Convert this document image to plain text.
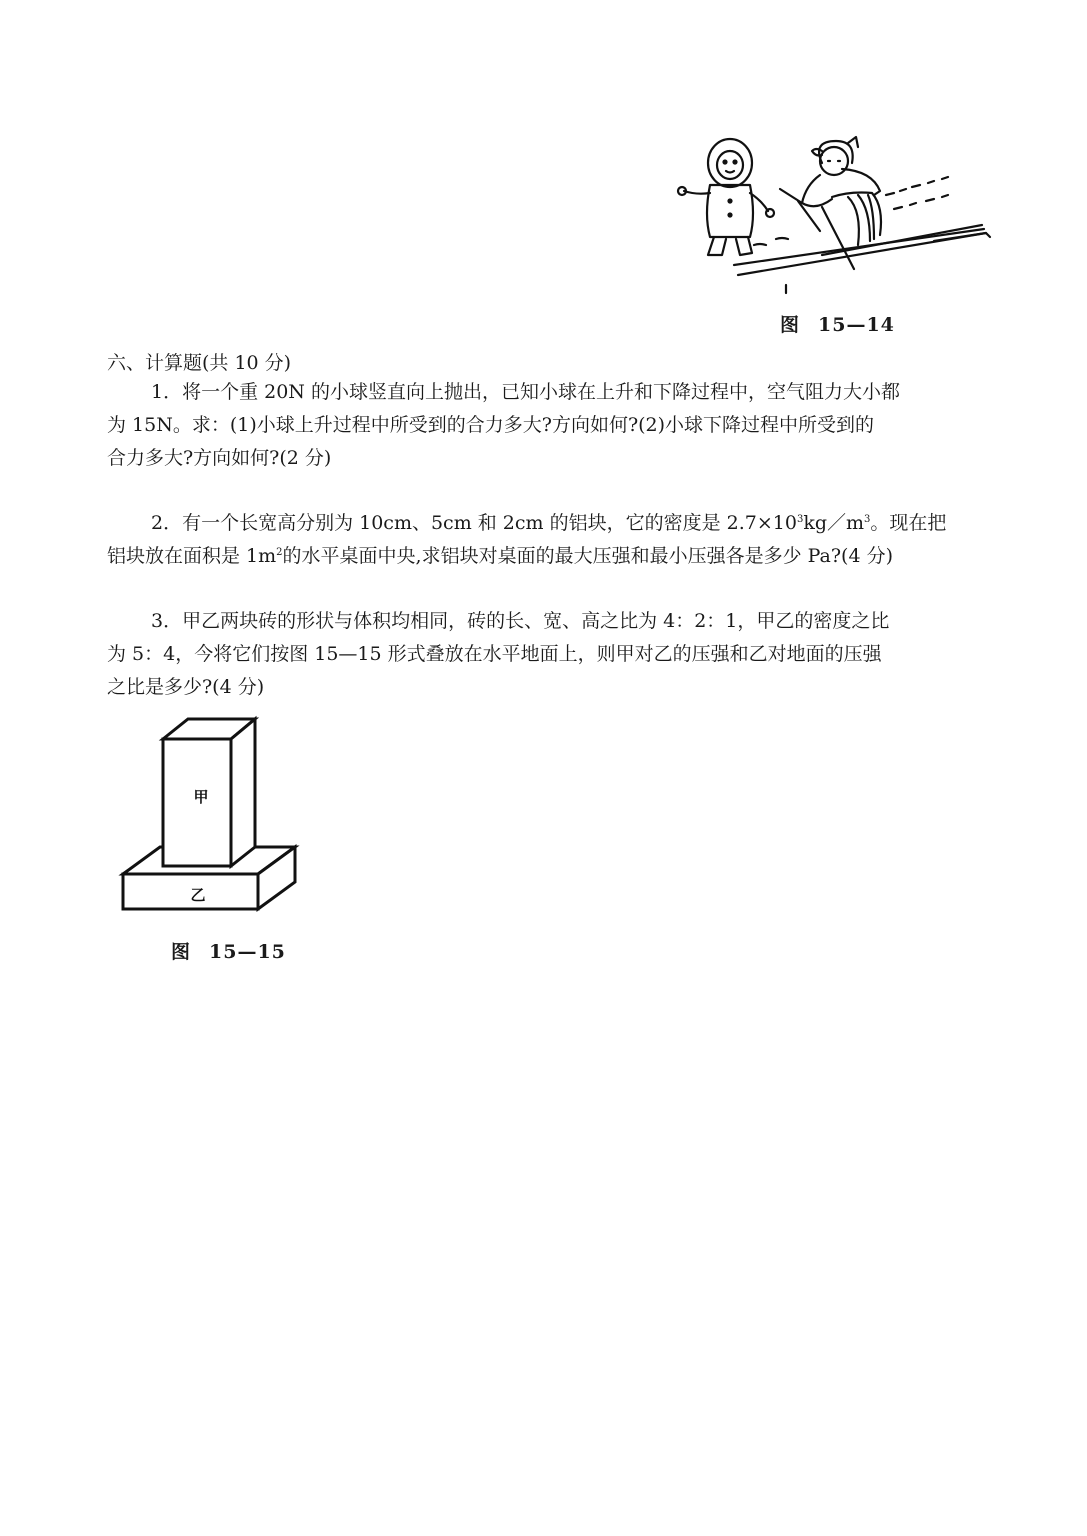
图 15—14
六、计算题(共 10 分)
1．将一个重 20N 的小球竖直向上抛出，已知小球在上升和下降过程中，空气阻力大小都
为 15N。求：(1)小球上升过程中所受到的合力多大?方向如何?(2)小球下降过程中所受到的
合力多大?方向如何?(2 分)
2．有一个长宽高分别为 10cm、5cm 和 2cm 的铝块，它的密度是 $2.7\times 10^3kg/m^3$。现在把
铝块放在面积是 $1m^2$的水平桌面中央,求铝块对桌面的最大压强和最小压强各是多少 Pa?(4 分)
3．甲乙两块砖的形状与体积均相同，砖的长、宽、高之比为 4：2：1，甲乙的密度之比
为 5：4，今将它们按图 15—15 形式叠放在水平地面上，则甲对乙的压强和乙对地面的压强
之比是多少?(4 分)
甲
乙
图 15—15
